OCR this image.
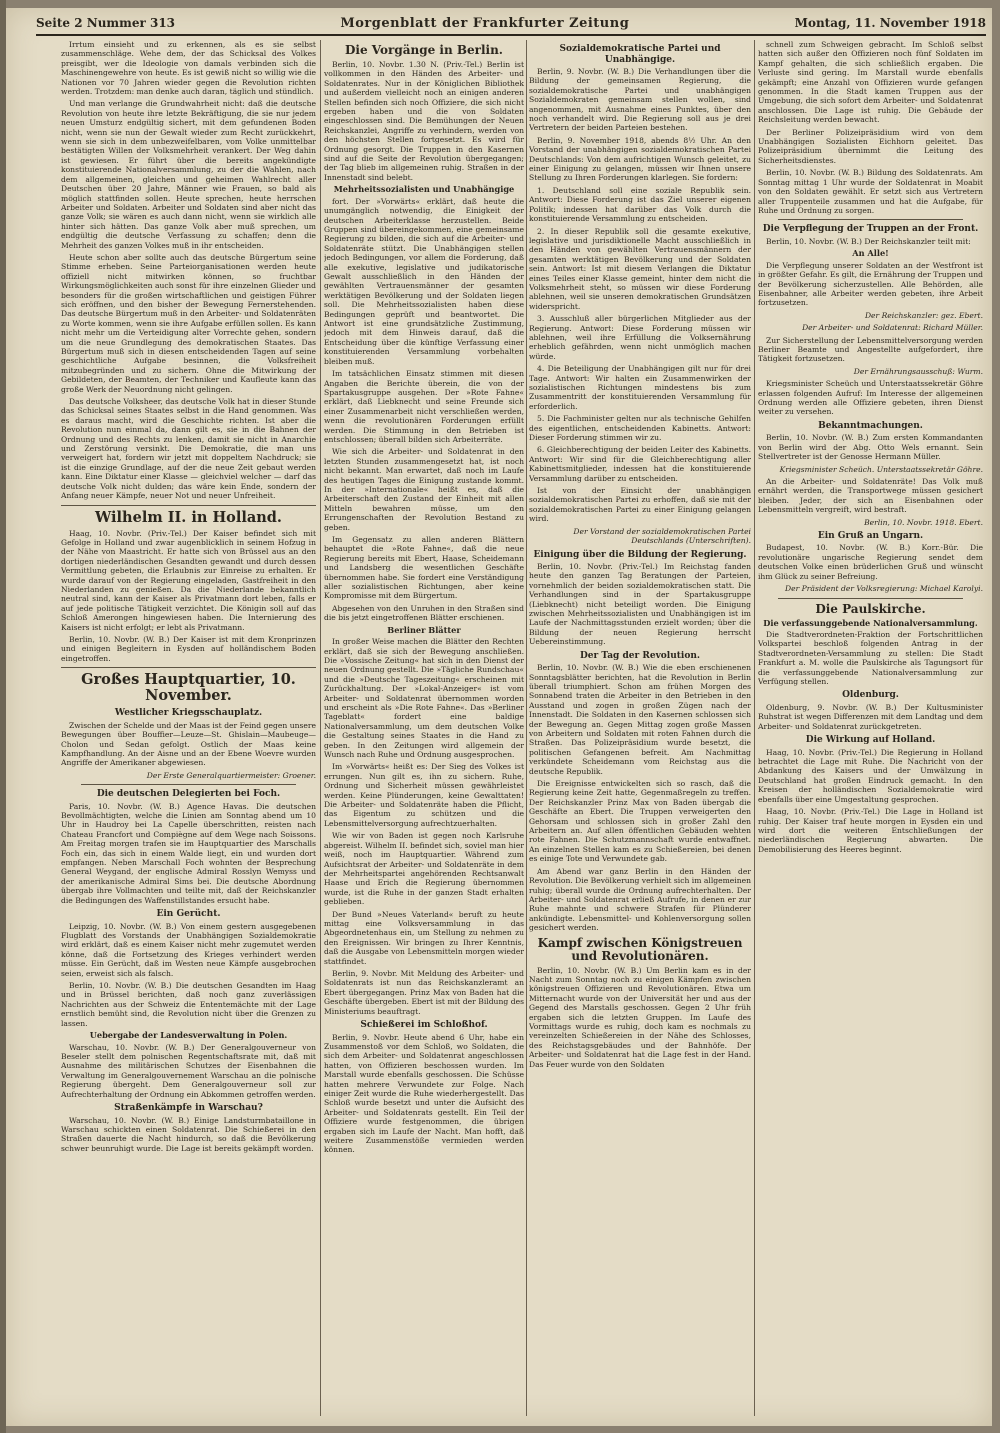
Seite 2 Nummer 313	Morgenblatt der Frankfurter Zeitung	Montag, 11. November 1918

Irrtum einsieht und zu erkennen, als es sie selbst zusammenschläge. Wehe dem, der das Schicksal des Volkes preisgibt, wer die Ideologie von damals verbinden sich die Maschinengewehre von heute. Es ist gewiß nicht so willig wie die Nationen vor 70 Jahren wieder gegen die Revolution richten werden. Trotzdem: man denke auch daran, täglich und stündlich.

Und man verlange die Grundwahrheit nicht: daß die deutsche Revolution von heute ihre letzte Bekräftigung, die sie nur jedem neuen Umsturz endgültig sichert, mit dem gefundenen Boden nicht, wenn sie nun der Gewalt wieder zum Recht zurückkehrt, wenn sie sich in dem unbezweifelbaren, vom Volke unmittelbar bestätigten Willen der Volksmehrheit verankert. Der Weg dahin ist gewiesen. Er führt über die bereits angekündigte konstituierende Nationalversammlung, zu der die Wahlen, nach dem allgemeinen, gleichen und geheimen Wahlrecht aller Deutschen über 20 Jahre, Männer wie Frauen, so bald als möglich stattfinden sollen. Heute sprechen, heute herrschen Arbeiter und Soldaten. Arbeiter und Soldaten sind aber nicht das ganze Volk; sie wären es auch dann nicht, wenn sie wirklich alle hinter sich hätten. Das ganze Volk aber muß sprechen, um endgültig die deutsche Verfassung zu schaffen; denn die Mehrheit des ganzen Volkes muß in ihr entscheiden.

Heute schon aber sollte auch das deutsche Bürgertum seine Stimme erheben. Seine Parteiorganisationen werden heute offiziell nicht mitwirken können, so fruchtbar Wirkungsmöglichkeiten auch sonst für ihre einzelnen Glieder und besonders für die großen wirtschaftlichen und geistigen Führer sich eröffnen, und den bisher der Bewegung Fernerstehenden. Das deutsche Bürgertum muß in den Arbeiter- und Soldatenräten zu Worte kommen, wenn sie ihre Aufgabe erfüllen sollen. Es kann nicht mehr um die Verteidigung alter Vorrechte gehen, sondern um die neue Grundlegung des demokratischen Staates. Das Bürgertum muß sich in diesen entscheidenden Tagen auf seine geschichtliche Aufgabe besinnen, die Volksfreiheit mitzubegründen und zu sichern. Ohne die Mitwirkung der Gebildeten, der Beamten, der Techniker und Kaufleute kann das große Werk der Neuordnung nicht gelingen.

Das deutsche Volksheer, das deutsche Volk hat in dieser Stunde das Schicksal seines Staates selbst in die Hand genommen. Was es daraus macht, wird die Geschichte richten. Ist aber die Revolution nun einmal da, dann gilt es, sie in die Bahnen der Ordnung und des Rechts zu lenken, damit sie nicht in Anarchie und Zerstörung versinkt. Die Demokratie, die man uns verweigert hat, fordern wir jetzt mit doppeltem Nachdruck; sie ist die einzige Grundlage, auf der die neue Zeit gebaut werden kann. Eine Diktatur einer Klasse — gleichviel welcher — darf das deutsche Volk nicht dulden; das wäre kein Ende, sondern der Anfang neuer Kämpfe, neuer Not und neuer Unfreiheit.

Wilhelm II. in Holland.

Haag, 10. Novbr. (Priv.-Tel.) Der Kaiser befindet sich mit Gefolge in Holland und zwar augenblicklich in seinem Hofzug in der Nähe von Maastricht. Er hatte sich von Brüssel aus an den dortigen niederländischen Gesandten gewandt und durch dessen Vermittlung gebeten, die Erlaubnis zur Einreise zu erhalten. Er wurde darauf von der Regierung eingeladen, Gastfreiheit in den Niederlanden zu genießen. Da die Niederlande bekanntlich neutral sind, kann der Kaiser als Privatmann dort leben, falls er auf jede politische Tätigkeit verzichtet. Die Königin soll auf das Schloß Amerongen hingewiesen haben. Die Internierung des Kaisers ist nicht erfolgt; er lebt als Privatmann.

Berlin, 10. Novbr. (W. B.) Der Kaiser ist mit dem Kronprinzen und einigen Begleitern in Eysden auf holländischem Boden eingetroffen.

Großes Hauptquartier, 10. November.
Westlicher Kriegsschauplatz.

Zwischen der Schelde und der Maas ist der Feind gegen unsere Bewegungen über Bouffier—Leuze—St. Ghislain—Maubeuge—Cholon und Sedan gefolgt. Ostlich der Maas keine Kampfhandlung. An der Aisne und an der Ebene Woevre wurden Angriffe der Amerikaner abgewiesen.

Der Erste Generalquartiermeister: Groener.

Die deutschen Delegierten bei Foch.

Paris, 10. Novbr. (W. B.) Agence Havas. Die deutschen Bevollmächtigten, welche die Linien am Sonntag abend um 10 Uhr in Haudroy bei La Capelle überschritten, reisten nach Chateau Francfort und Compiègne auf dem Wege nach Soissons. Am Freitag morgen trafen sie im Hauptquartier des Marschalls Foch ein, das sich in einem Walde liegt, ein und wurden dort empfangen. Neben Marschall Foch wohnten der Besprechung General Weygand, der englische Admiral Rosslyn Wemyss und der amerikanische Admiral Sims bei. Die deutsche Abordnung übergab ihre Vollmachten und teilte mit, daß der Reichskanzler die Bedingungen des Waffenstillstandes ersucht habe.

Ein Gerücht.

Leipzig, 10. Novbr. (W. B.) Von einem gestern ausgegebenen Flugblatt des Vorstands der Unabhängigen Sozialdemokratie wird erklärt, daß es einem Kaiser nicht mehr zugemutet werden könne, daß die Fortsetzung des Krieges verhindert werden müsse. Ein Gerücht, daß im Westen neue Kämpfe ausgebrochen seien, erweist sich als falsch.

Berlin, 10. Novbr. (W. B.) Die deutschen Gesandten im Haag und in Brüssel berichten, daß noch ganz zuverlässigen Nachrichten aus der Schweiz die Ententemächte mit der Lage ernstlich bemüht sind, die Revolution nicht über die Grenzen zu lassen.

Uebergabe der Landesverwaltung in Polen.

Warschau, 10. Novbr. (W. B.) Der Generalgouverneur von Beseler stellt dem polnischen Regentschaftsrate mit, daß mit Ausnahme des militärischen Schutzes der Eisenbahnen die Verwaltung im Generalgouvernement Warschau an die polnische Regierung übergeht. Dem Generalgouverneur soll zur Aufrechterhaltung der Ordnung ein Abkommen getroffen werden.

Straßenkämpfe in Warschau?

Warschau, 10. Novbr. (W. B.) Einige Landsturmbataillone in Warschau schickten einen Soldatenrat. Die Schießerei in den Straßen dauerte die Nacht hindurch, so daß die Bevölkerung schwer beunruhigt wurde. Die Lage ist bereits gekämpft worden.

Die Vorgänge in Berlin.

Berlin, 10. Novbr. 1.30 N. (Priv.-Tel.) Berlin ist vollkommen in den Händen des Arbeiter- und Soldatenrates. Nur in der Königlichen Bibliothek und außerdem vielleicht noch an einigen anderen Stellen befinden sich noch Offiziere, die sich nicht ergeben haben und die von Soldaten eingeschlossen sind. Die Bemühungen der Neuen Reichskanzlei, Angriffe zu verhindern, werden von den höchsten Stellen fortgesetzt. Es wird für Ordnung gesorgt. Die Truppen in den Kasernen sind auf die Seite der Revolution übergegangen; der Tag blieb im allgemeinen ruhig. Straßen in der Innenstadt sind belebt.

Mehrheitssozialisten und Unabhängige

fort. Der »Vorwärts« erklärt, daß heute die unumgänglich notwendig, die Einigkeit der deutschen Arbeiterklasse herzustellen. Beide Gruppen sind übereingekommen, eine gemeinsame Regierung zu bilden, die sich auf die Arbeiter- und Soldatenräte stützt. Die Unabhängigen stellen jedoch Bedingungen, vor allem die Forderung, daß alle exekutive, legislative und judikatorische Gewalt ausschließlich in den Händen der gewählten Vertrauensmänner der gesamten werktätigen Bevölkerung und der Soldaten liegen soll. Die Mehrheitssozialisten haben diese Bedingungen geprüft und beantwortet. Die Antwort ist eine grundsätzliche Zustimmung, jedoch mit dem Hinweis darauf, daß die Entscheidung über die künftige Verfassung einer konstituierenden Versammlung vorbehalten bleiben muß.

Im tatsächlichen Einsatz stimmen mit diesen Angaben die Berichte überein, die von der Spartakusgruppe ausgehen. Der »Rote Fahne« erklärt, daß Liebknecht und seine Freunde sich einer Zusammenarbeit nicht verschließen werden, wenn die revolutionären Forderungen erfüllt werden. Die Stimmung in den Betrieben ist entschlossen; überall bilden sich Arbeiterräte.

Wie sich die Arbeiter- und Soldatenrat in den letzten Stunden zusammengesetzt hat, ist noch nicht bekannt. Man erwartet, daß noch im Laufe des heutigen Tages die Einigung zustande kommt. In der »Internationale« heißt es, daß die Arbeiterschaft den Zustand der Einheit mit allen Mitteln bewahren müsse, um den Errungenschaften der Revolution Bestand zu geben.

Im Gegensatz zu allen anderen Blättern behauptet die »Rote Fahne«, daß die neue Regierung bereits mit Ebert, Haase, Scheidemann und Landsberg die wesentlichen Geschäfte übernommen habe. Sie fordert eine Verständigung aller sozialistischen Richtungen, aber keine Kompromisse mit dem Bürgertum.

Abgesehen von den Unruhen in den Straßen sind die bis jetzt eingetroffenen Blätter erschienen.

Berliner Blätter

In großer Weise machen die Blätter den Rechten erklärt, daß sie sich der Bewegung anschließen. Die »Vossische Zeitung« hat sich in den Dienst der neuen Ordnung gestellt. Die »Tägliche Rundschau« und die »Deutsche Tageszeitung« erscheinen mit Zurückhaltung. Der »Lokal-Anzeiger« ist vom Arbeiter- und Soldatenrat übernommen worden und erscheint als »Die Rote Fahne«. Das »Berliner Tageblatt« fordert eine baldige Nationalversammlung, um dem deutschen Volke die Gestaltung seines Staates in die Hand zu geben. In den Zeitungen wird allgemein der Wunsch nach Ruhe und Ordnung ausgesprochen.

Im »Vorwärts« heißt es: Der Sieg des Volkes ist errungen. Nun gilt es, ihn zu sichern. Ruhe, Ordnung und Sicherheit müssen gewährleistet werden. Keine Plünderungen, keine Gewalttaten! Die Arbeiter- und Soldatenräte haben die Pflicht, das Eigentum zu schützen und die Lebensmittelversorgung aufrechtzuerhalten.

Wie wir von Baden ist gegen noch Karlsruhe abgereist. Wilhelm II. befindet sich, soviel man hier weiß, noch im Hauptquartier. Während zum Aufsichtsrat der Arbeiter- und Soldatenräte in dem der Mehrheitspartei angehörenden Rechtsanwalt Haase und Erich die Regierung übernommen wurde, ist die Ruhe in der ganzen Stadt erhalten geblieben.

Der Bund »Neues Vaterland« beruft zu heute mittag eine Volksversammlung in das Abgeordnetenhaus ein, um Stellung zu nehmen zu den Ereignissen. Wir bringen zu Ihrer Kenntnis, daß die Ausgabe von Lebensmitteln morgen wieder stattfindet.

Berlin, 9. Novbr. Mit Meldung des Arbeiter- und Soldatenrats ist nun das Reichskanzleramt an Ebert übergegangen. Prinz Max von Baden hat die Geschäfte übergeben. Ebert ist mit der Bildung des Ministeriums beauftragt.

Schießerei im Schloßhof.

Berlin, 9. Novbr. Heute abend 6 Uhr, habe ein Zusammenstoß vor dem Schloß, wo Soldaten, die sich dem Arbeiter- und Soldatenrat angeschlossen hatten, von Offizieren beschossen wurden. Im Marstall wurde ebenfalls geschossen. Die Schüsse hatten mehrere Verwundete zur Folge. Nach einiger Zeit wurde die Ruhe wiederhergestellt. Das Schloß wurde besetzt und unter die Aufsicht des Arbeiter- und Soldatenrats gestellt. Ein Teil der Offiziere wurde festgenommen, die übrigen ergaben sich im Laufe der Nacht. Man hofft, daß weitere Zusammenstöße vermieden werden können.

Sozialdemokratische Partei und Unabhängige.

Berlin, 9. Novbr. (W. B.) Die Verhandlungen über die Bildung der gemeinsamen Regierung, die sozialdemokratische Partei und unabhängigen Sozialdemokraten gemeinsam stellen wollen, sind angenommen, mit Ausnahme eines Punktes, über den noch verhandelt wird. Die Regierung soll aus je drei Vertretern der beiden Parteien bestehen.

Berlin, 9. November 1918, abends 8½ Uhr. An den Vorstand der unabhängigen sozialdemokratischen Partei Deutschlands: Von dem aufrichtigen Wunsch geleitet, zu einer Einigung zu gelangen, müssen wir Ihnen unsere Stellung zu Ihren Forderungen klarlegen. Sie fordern:

1. Deutschland soll eine soziale Republik sein. Antwort: Diese Forderung ist das Ziel unserer eigenen Politik; indessen hat darüber das Volk durch die konstituierende Versammlung zu entscheiden.

2. In dieser Republik soll die gesamte exekutive, legislative und jurisdiktionelle Macht ausschließlich in den Händen von gewählten Vertrauensmännern der gesamten werktätigen Bevölkerung und der Soldaten sein. Antwort: Ist mit diesem Verlangen die Diktatur eines Teiles einer Klasse gemeint, hinter dem nicht die Volksmehrheit steht, so müssen wir diese Forderung ablehnen, weil sie unseren demokratischen Grundsätzen widerspricht.

3. Ausschluß aller bürgerlichen Mitglieder aus der Regierung. Antwort: Diese Forderung müssen wir ablehnen, weil ihre Erfüllung die Volksernährung erheblich gefährden, wenn nicht unmöglich machen würde.

4. Die Beteiligung der Unabhängigen gilt nur für drei Tage. Antwort: Wir halten ein Zusammenwirken der sozialistischen Richtungen mindestens bis zum Zusammentritt der konstituierenden Versammlung für erforderlich.

5. Die Fachminister gelten nur als technische Gehilfen des eigentlichen, entscheidenden Kabinetts. Antwort: Dieser Forderung stimmen wir zu.

6. Gleichberechtigung der beiden Leiter des Kabinetts. Antwort: Wir sind für die Gleichberechtigung aller Kabinettsmitglieder, indessen hat die konstituierende Versammlung darüber zu entscheiden.

Ist von der Einsicht der unabhängigen sozialdemokratischen Partei zu erhoffen, daß sie mit der sozialdemokratischen Partei zu einer Einigung gelangen wird.

Der Vorstand der sozialdemokratischen Partei Deutschlands (Unterschriften).

Einigung über die Bildung der Regierung.

Berlin, 10. Novbr. (Priv.-Tel.) Im Reichstag fanden heute den ganzen Tag Beratungen der Parteien, vornehmlich der beiden sozialdemokratischen statt. Die Verhandlungen sind in der Spartakusgruppe (Liebknecht) nicht beteiligt worden. Die Einigung zwischen Mehrheitssozialisten und Unabhängigen ist im Laufe der Nachmittagsstunden erzielt worden; über die Bildung der neuen Regierung herrscht Uebereinstimmung.

Der Tag der Revolution.

Berlin, 10. Novbr. (W. B.) Wie die eben erschienenen Sonntagsblätter berichten, hat die Revolution in Berlin überall triumphiert. Schon am frühen Morgen des Sonnabend traten die Arbeiter in den Betrieben in den Ausstand und zogen in großen Zügen nach der Innenstadt. Die Soldaten in den Kasernen schlossen sich der Bewegung an. Gegen Mittag zogen große Massen von Arbeitern und Soldaten mit roten Fahnen durch die Straßen. Das Polizeipräsidium wurde besetzt, die politischen Gefangenen befreit. Am Nachmittag verkündete Scheidemann vom Reichstag aus die deutsche Republik.

Die Ereignisse entwickelten sich so rasch, daß die Regierung keine Zeit hatte, Gegenmaßregeln zu treffen. Der Reichskanzler Prinz Max von Baden übergab die Geschäfte an Ebert. Die Truppen verweigerten den Gehorsam und schlossen sich in großer Zahl den Arbeitern an. Auf allen öffentlichen Gebäuden wehten rote Fahnen. Die Schutzmannschaft wurde entwaffnet. An einzelnen Stellen kam es zu Schießereien, bei denen es einige Tote und Verwundete gab.

Am Abend war ganz Berlin in den Händen der Revolution. Die Bevölkerung verhielt sich im allgemeinen ruhig; überall wurde die Ordnung aufrechterhalten. Der Arbeiter- und Soldatenrat erließ Aufrufe, in denen er zur Ruhe mahnte und schwere Strafen für Plünderer ankündigte. Lebensmittel- und Kohlenversorgung sollen gesichert werden.

Kampf zwischen Königstreuen und Revolutionären.

Berlin, 10. Novbr. (W. B.) Um Berlin kam es in der Nacht zum Sonntag noch zu einigen Kämpfen zwischen königstreuen Offizieren und Revolutionären. Etwa um Mitternacht wurde von der Universität her und aus der Gegend des Marstalls geschossen. Gegen 2 Uhr früh ergaben sich die letzten Gruppen. Im Laufe des Vormittags wurde es ruhig, doch kam es nochmals zu vereinzelten Schießereien in der Nähe des Schlosses, des Reichstagsgebäudes und der Bahnhöfe. Der Arbeiter- und Soldatenrat hat die Lage fest in der Hand. Das Feuer wurde von den Soldaten

schnell zum Schweigen gebracht. Im Schloß selbst hatten sich außer den Offizieren noch fünf Soldaten im Kampf gehalten, die sich schließlich ergaben. Die Verluste sind gering. Im Marstall wurde ebenfalls gekämpft; eine Anzahl von Offizieren wurde gefangen genommen. In die Stadt kamen Truppen aus der Umgebung, die sich sofort dem Arbeiter- und Soldatenrat anschlossen. Die Lage ist ruhig. Die Gebäude der Reichsleitung werden bewacht.

Der Berliner Polizeipräsidium wird von dem Unabhängigen Sozialisten Eichhorn geleitet. Das Polizeipräsidium übernimmt die Leitung des Sicherheitsdienstes.

Berlin, 10. Novbr. (W. B.) Bildung des Soldatenrats. Am Sonntag mittag 1 Uhr wurde der Soldatenrat in Moabit von den Soldaten gewählt. Er setzt sich aus Vertretern aller Truppenteile zusammen und hat die Aufgabe, für Ruhe und Ordnung zu sorgen.

Die Verpflegung der Truppen an der Front.

Berlin, 10. Novbr. (W. B.) Der Reichskanzler teilt mit:

An Alle!

Die Verpflegung unserer Soldaten an der Westfront ist in größter Gefahr. Es gilt, die Ernährung der Truppen und der Bevölkerung sicherzustellen. Alle Behörden, alle Eisenbahner, alle Arbeiter werden gebeten, ihre Arbeit fortzusetzen.

Der Reichskanzler: gez. Ebert.

Der Arbeiter- und Soldatenrat: Richard Müller.

Zur Sicherstellung der Lebensmittelversorgung werden Berliner Beamte und Angestellte aufgefordert, ihre Tätigkeit fortzusetzen.

Der Ernährungsausschuß: Wurm.

Kriegsminister Scheüch und Unterstaatssekretär Göhre erlassen folgenden Aufruf: Im Interesse der allgemeinen Ordnung werden alle Offiziere gebeten, ihren Dienst weiter zu versehen.

Bekanntmachungen.

Berlin, 10. Novbr. (W. B.) Zum ersten Kommandanten von Berlin wird der Abg. Otto Wels ernannt. Sein Stellvertreter ist der Genosse Hermann Müller.

Kriegsminister Scheüch. Unterstaatssekretär Göhre.

An die Arbeiter- und Soldatenräte! Das Volk muß ernährt werden, die Transportwege müssen gesichert bleiben. Jeder, der sich an Eisenbahnen oder Lebensmitteln vergreift, wird bestraft.

Berlin, 10. Novbr. 1918. Ebert.

Ein Gruß an Ungarn.

Budapest, 10. Novbr. (W. B.) Korr.-Bür. Die revolutionäre ungarische Regierung sendet dem deutschen Volke einen brüderlichen Gruß und wünscht ihm Glück zu seiner Befreiung.

Der Präsident der Volksregierung: Michael Karolyi.

Die Paulskirche.
Die verfassunggebende Nationalversammlung.

Die Stadtverordneten-Fraktion der Fortschrittlichen Volkspartei beschloß folgenden Antrag in der Stadtverordneten-Versammlung zu stellen: Die Stadt Frankfurt a. M. wolle die Paulskirche als Tagungsort für die verfassunggebende Nationalversammlung zur Verfügung stellen.

Oldenburg.

Oldenburg, 9. Novbr. (W. B.) Der Kultusminister Ruhstrat ist wegen Differenzen mit dem Landtag und dem Arbeiter- und Soldatenrat zurückgetreten.

Die Wirkung auf Holland.

Haag, 10. Novbr. (Priv.-Tel.) Die Regierung in Holland betrachtet die Lage mit Ruhe. Die Nachricht von der Abdankung des Kaisers und der Umwälzung in Deutschland hat großen Eindruck gemacht. In den Kreisen der holländischen Sozialdemokratie wird ebenfalls über eine Umgestaltung gesprochen.

Haag, 10. Novbr. (Priv.-Tel.) Die Lage in Holland ist ruhig. Der Kaiser traf heute morgen in Eysden ein und wird dort die weiteren Entschließungen der niederländischen Regierung abwarten. Die Demobilisierung des Heeres beginnt.
